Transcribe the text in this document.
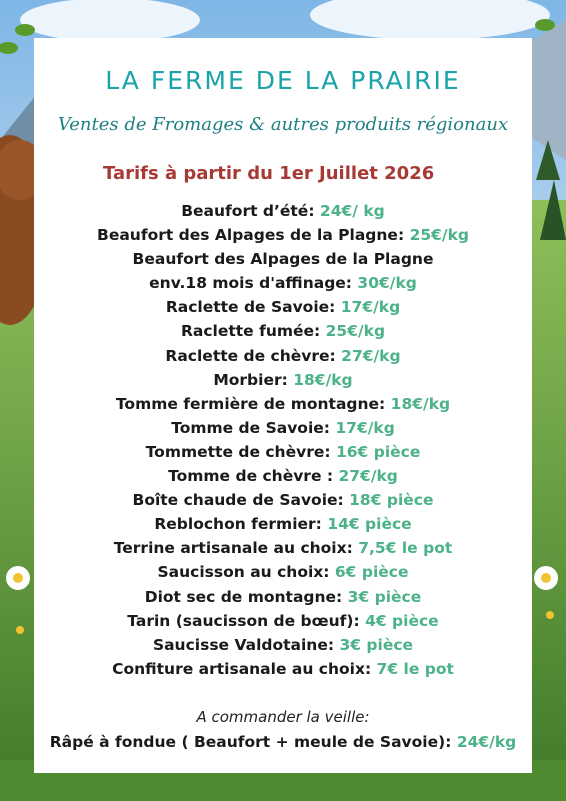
LA FERME DE LA PRAIRIE
Ventes de Fromages & autres produits régionaux
Tarifs à partir du 1er Juillet 2026
Beaufort d’été: 24€/ kg
Beaufort des Alpages de la Plagne: 25€/kg
Beaufort des Alpages de la Plagne
env.18 mois d'affinage: 30€/kg
Raclette de Savoie: 17€/kg
Raclette fumée: 25€/kg
Raclette de chèvre: 27€/kg
Morbier: 18€/kg
Tomme fermière de montagne: 18€/kg
Tomme de Savoie: 17€/kg
Tommette de chèvre: 16€ pièce
Tomme de chèvre : 27€/kg
Boîte chaude de Savoie: 18€ pièce
Reblochon fermier: 14€ pièce
Terrine artisanale au choix: 7,5€ le pot
Saucisson au choix: 6€ pièce
Diot sec de montagne: 3€ pièce
Tarin (saucisson de bœuf): 4€ pièce
Saucisse Valdotaine: 3€ pièce
Confiture artisanale au choix: 7€ le pot
A commander la veille:
Râpé à fondue ( Beaufort + meule de Savoie): 24€/kg
